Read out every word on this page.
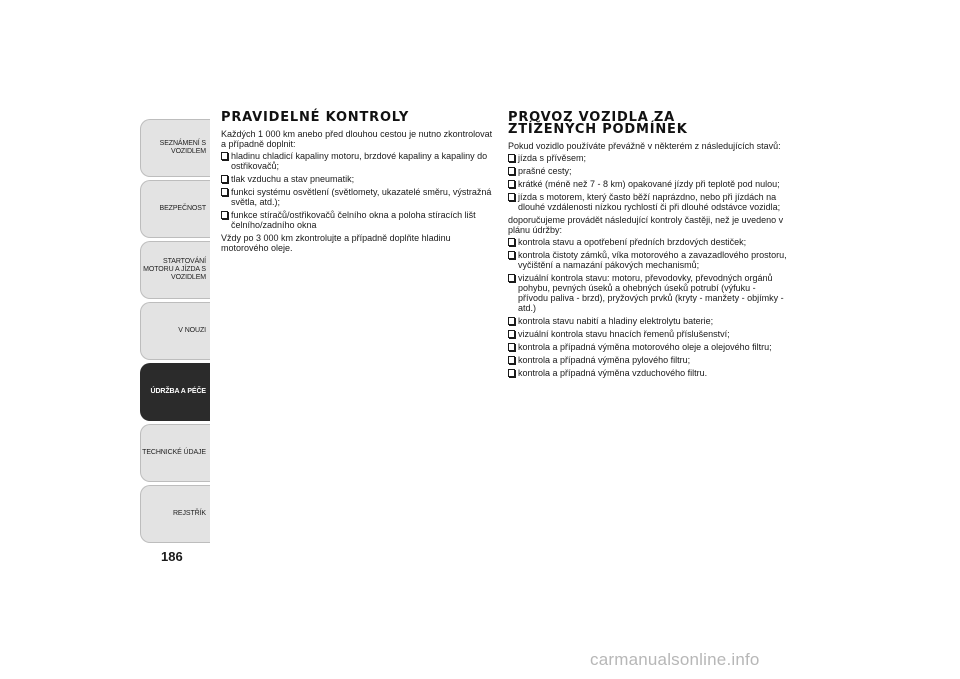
SEZNÁMENÍ S
VOZIDLEM
BEZPEČNOST
STARTOVÁNÍ
MOTORU A JÍZDA S
VOZIDLEM
V NOUZI
ÚDRŽBA A PÉČE
TECHNICKÉ ÚDAJE
REJSTŘÍK
186
PRAVIDELNÉ KONTROLY

Každých 1 000 km anebo před dlouhou cestou je nutno zkontrolovat a případně doplnit:

hladinu chladicí kapaliny motoru, brzdové kapaliny a kapaliny do ostřikovačů;
tlak vzduchu a stav pneumatik;
funkci systému osvětlení (světlomety, ukazatelé směru, výstražná světla, atd.);
funkce stíračů/ostřikovačů čelního okna a poloha stíracích lišt čelního/zadního okna

Vždy po 3 000 km zkontrolujte a případně doplňte hladinu motorového oleje.

PROVOZ VOZIDLA ZA
ZTÍŽENÝCH PODMÍNEK

Pokud vozidlo používáte převážně v některém z následujících stavů:

jízda s přívěsem;
prašné cesty;
krátké (méně než 7 - 8 km) opakované jízdy při teplotě pod nulou;
jízda s motorem, který často běží naprázdno, nebo při jízdách na dlouhé vzdálenosti nízkou rychlostí či při dlouhé odstávce vozidla;

doporučujeme provádět následující kontroly častěji, než je uvedeno v plánu údržby:

kontrola stavu a opotřebení předních brzdových destiček;
kontrola čistoty zámků, víka motorového a zavazadlového prostoru, vyčištění a namazání pákových mechanismů;
vizuální kontrola stavu: motoru, převodovky, převodných orgánů pohybu, pevných úseků a ohebných úseků potrubí (výfuku - přívodu paliva - brzd), pryžových prvků (kryty - manžety - objímky - atd.)
kontrola stavu nabití a hladiny elektrolytu baterie;
vizuální kontrola stavu hnacích řemenů příslušenství;
kontrola a případná výměna motorového oleje a olejového filtru;
kontrola a případná výměna pylového filtru;
kontrola a případná výměna vzduchového filtru.
carmanualsonline.info
